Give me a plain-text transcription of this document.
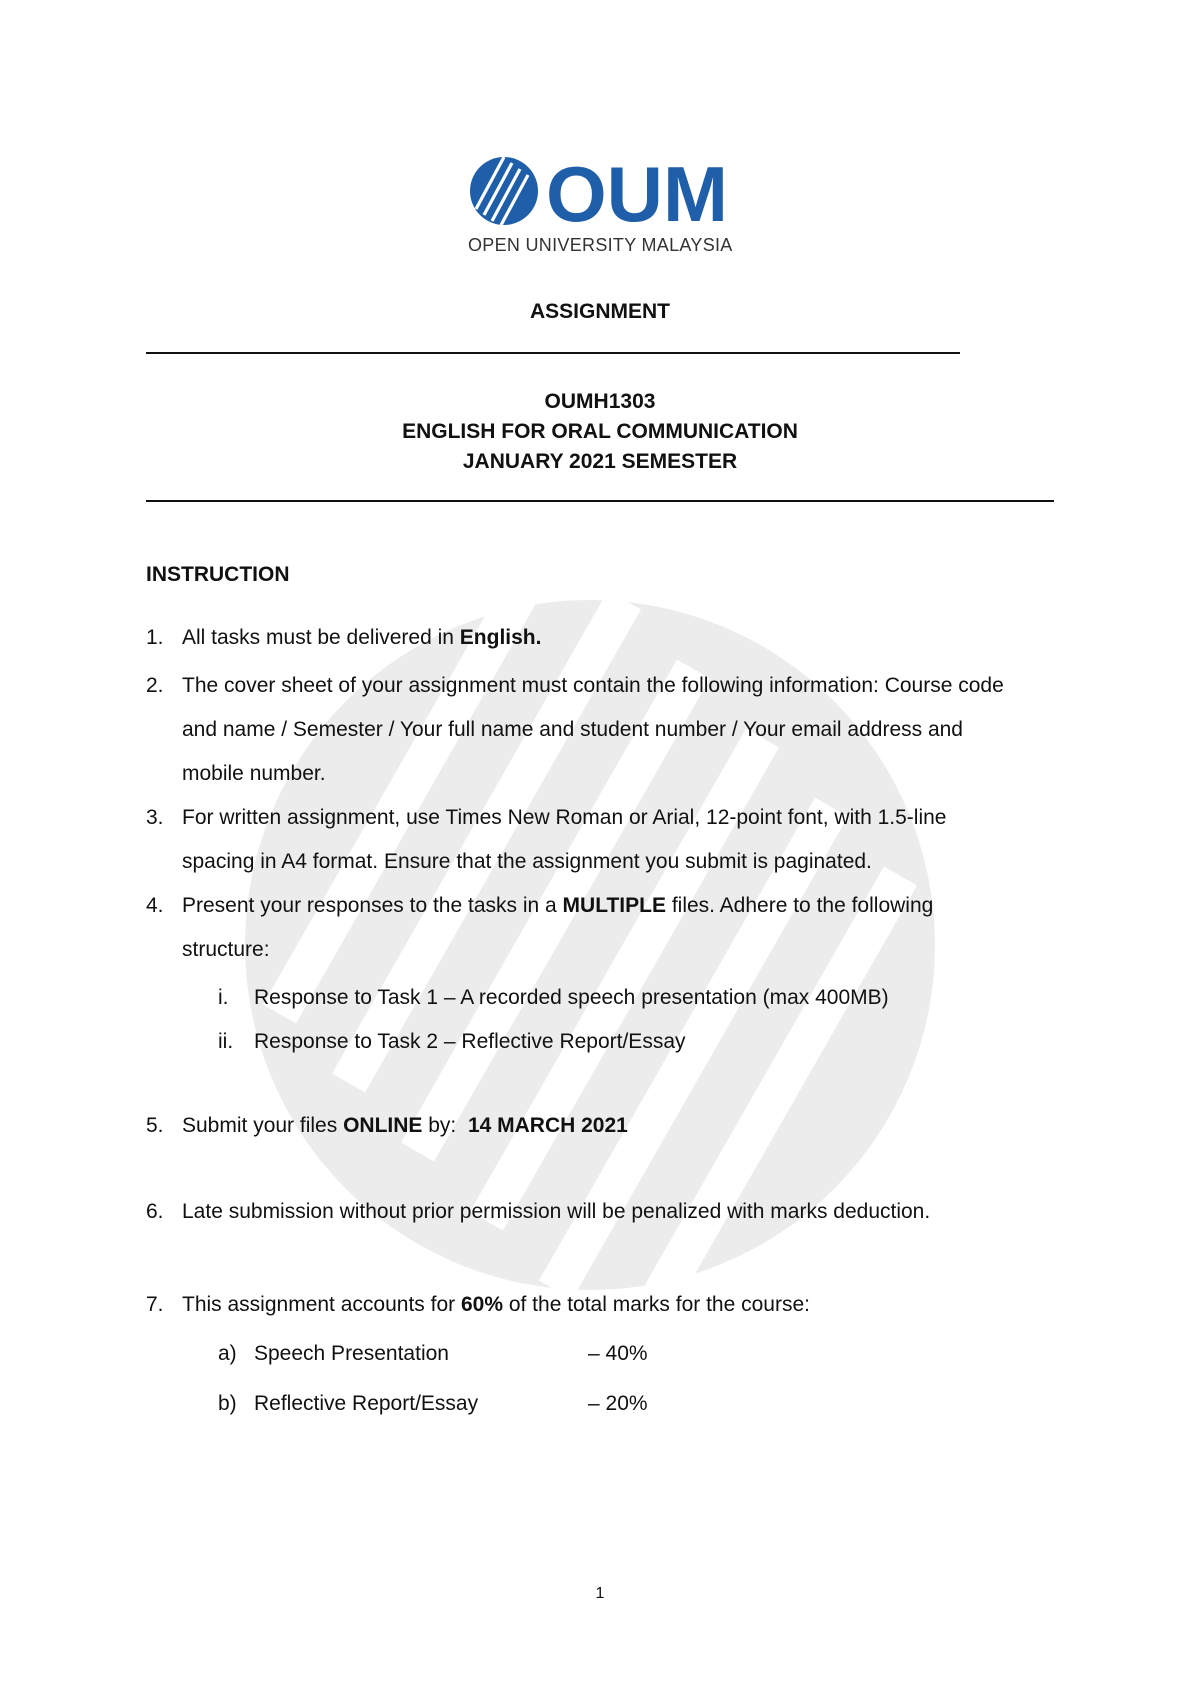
OUM
OPEN UNIVERSITY MALAYSIA
ASSIGNMENT
OUMH1303
ENGLISH FOR ORAL COMMUNICATION
JANUARY 2021 SEMESTER
INSTRUCTION
1. All tasks must be delivered in English.
2. The cover sheet of your assignment must contain the following information: Course code
and name / Semester / Your full name and student number / Your email address and
mobile number.
3. For written assignment, use Times New Roman or Arial, 12-point font, with 1.5-line
spacing in A4 format. Ensure that the assignment you submit is paginated.
4. Present your responses to the tasks in a MULTIPLE files. Adhere to the following
structure:
i. Response to Task 1 – A recorded speech presentation (max 400MB)
ii. Response to Task 2 – Reflective Report/Essay
5. Submit your files ONLINE by:  14 MARCH 2021
6. Late submission without prior permission will be penalized with marks deduction.
7. This assignment accounts for 60% of the total marks for the course:
a) Speech Presentation	– 40%
b) Reflective Report/Essay	– 20%
1
